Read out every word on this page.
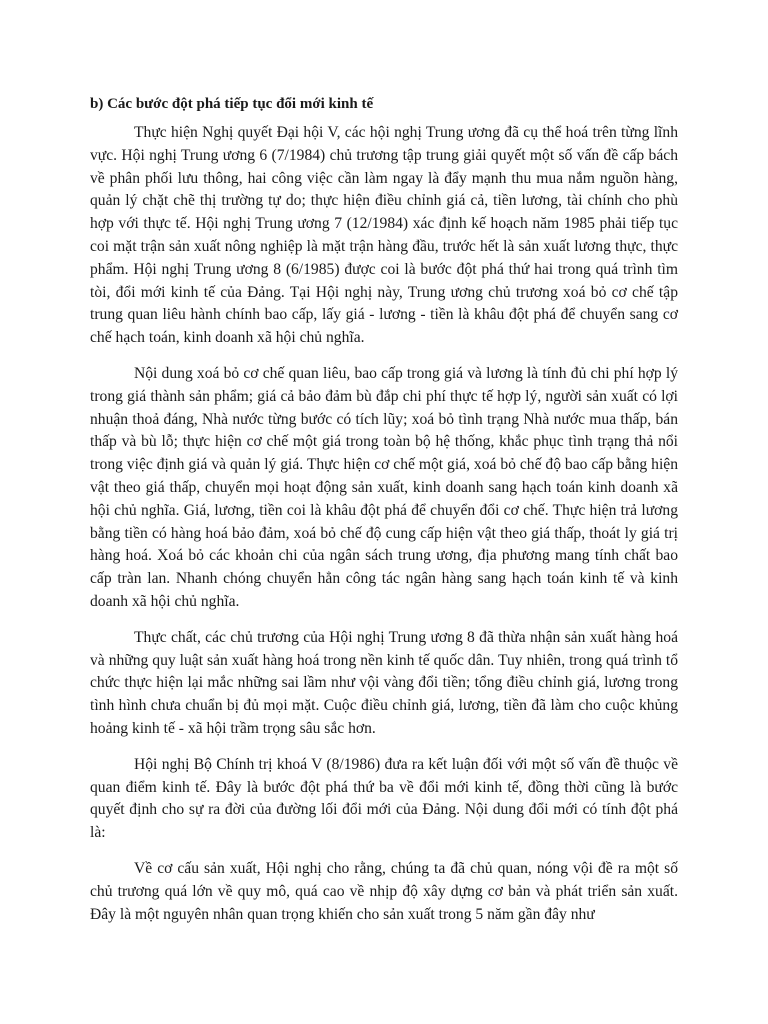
b) Các bước đột phá tiếp tục đổi mới kinh tế

Thực hiện Nghị quyết Đại hội V, các hội nghị Trung ương đã cụ thể hoá trên từng lĩnh vực. Hội nghị Trung ương 6 (7/1984) chủ trương tập trung giải quyết một số vấn đề cấp bách về phân phối lưu thông, hai công việc cần làm ngay là đẩy mạnh thu mua nắm nguồn hàng, quản lý chặt chẽ thị trường tự do; thực hiện điều chỉnh giá cả, tiền lương, tài chính cho phù hợp với thực tế. Hội nghị Trung ương 7 (12/1984) xác định kế hoạch năm 1985 phải tiếp tục coi mặt trận sản xuất nông nghiệp là mặt trận hàng đầu, trước hết là sản xuất lương thực, thực phẩm. Hội nghị Trung ương 8 (6/1985) được coi là bước đột phá thứ hai trong quá trình tìm tòi, đổi mới kinh tế của Đảng. Tại Hội nghị này, Trung ương chủ trương xoá bỏ cơ chế tập trung quan liêu hành chính bao cấp, lấy giá - lương - tiền là khâu đột phá để chuyển sang cơ chế hạch toán, kinh doanh xã hội chủ nghĩa.

Nội dung xoá bỏ cơ chế quan liêu, bao cấp trong giá và lương là tính đủ chi phí hợp lý trong giá thành sản phẩm; giá cả bảo đảm bù đắp chi phí thực tế hợp lý, người sản xuất có lợi nhuận thoả đáng, Nhà nước từng bước có tích lũy; xoá bỏ tình trạng Nhà nước mua thấp, bán thấp và bù lỗ; thực hiện cơ chế một giá trong toàn bộ hệ thống, khắc phục tình trạng thả nổi trong việc định giá và quản lý giá. Thực hiện cơ chế một giá, xoá bỏ chế độ bao cấp bằng hiện vật theo giá thấp, chuyển mọi hoạt động sản xuất, kinh doanh sang hạch toán kinh doanh xã hội chủ nghĩa. Giá, lương, tiền coi là khâu đột phá để chuyển đổi cơ chế. Thực hiện trả lương bằng tiền có hàng hoá bảo đảm, xoá bỏ chế độ cung cấp hiện vật theo giá thấp, thoát ly giá trị hàng hoá. Xoá bỏ các khoản chi của ngân sách trung ương, địa phương mang tính chất bao cấp tràn lan. Nhanh chóng chuyển hẳn công tác ngân hàng sang hạch toán kinh tế và kinh doanh xã hội chủ nghĩa.

Thực chất, các chủ trương của Hội nghị Trung ương 8 đã thừa nhận sản xuất hàng hoá và những quy luật sản xuất hàng hoá trong nền kinh tế quốc dân. Tuy nhiên, trong quá trình tổ chức thực hiện lại mắc những sai lầm như vội vàng đổi tiền; tổng điều chỉnh giá, lương trong tình hình chưa chuẩn bị đủ mọi mặt. Cuộc điều chỉnh giá, lương, tiền đã làm cho cuộc khủng hoảng kinh tế - xã hội trầm trọng sâu sắc hơn.

Hội nghị Bộ Chính trị khoá V (8/1986) đưa ra kết luận đối với một số vấn đề thuộc về quan điểm kinh tế. Đây là bước đột phá thứ ba về đổi mới kinh tế, đồng thời cũng là bước quyết định cho sự ra đời của đường lối đổi mới của Đảng. Nội dung đổi mới có tính đột phá là:

Về cơ cấu sản xuất, Hội nghị cho rằng, chúng ta đã chủ quan, nóng vội đề ra một số chủ trương quá lớn về quy mô, quá cao về nhịp độ xây dựng cơ bản và phát triển sản xuất. Đây là một nguyên nhân quan trọng khiến cho sản xuất trong 5 năm gần đây như
